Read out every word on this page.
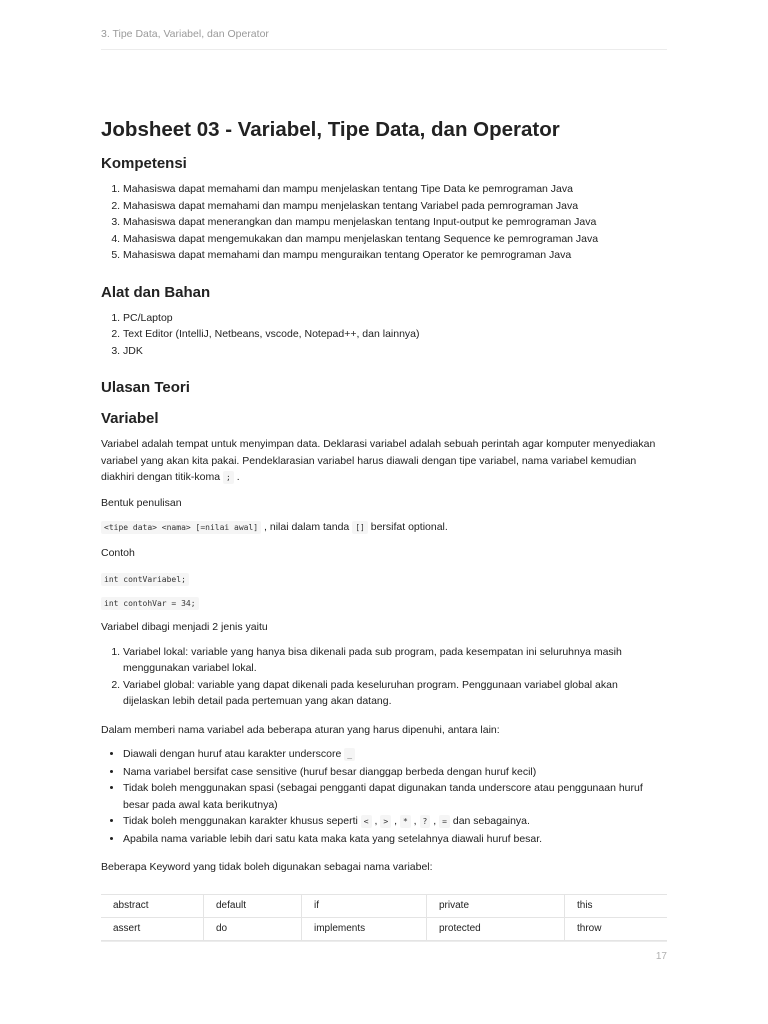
3. Tipe Data, Variabel, dan Operator
Jobsheet 03 - Variabel, Tipe Data, dan Operator
Kompetensi
1. Mahasiswa dapat memahami dan mampu menjelaskan tentang Tipe Data ke pemrograman Java
2. Mahasiswa dapat memahami dan mampu menjelaskan tentang Variabel pada pemrograman Java
3. Mahasiswa dapat menerangkan dan mampu menjelaskan tentang Input-output ke pemrograman Java
4. Mahasiswa dapat mengemukakan dan mampu menjelaskan tentang Sequence ke pemrograman Java
5. Mahasiswa dapat memahami dan mampu menguraikan tentang Operator ke pemrograman Java
Alat dan Bahan
1. PC/Laptop
2. Text Editor (IntelliJ, Netbeans, vscode, Notepad++, dan lainnya)
3. JDK
Ulasan Teori
Variabel

Variabel adalah tempat untuk menyimpan data. Deklarasi variabel adalah sebuah perintah agar komputer menyediakan variabel yang akan kita pakai. Pendeklarasian variabel harus diawali dengan tipe variabel, nama variabel kemudian diakhiri dengan titik-koma ; .

Bentuk penulisan

<tipe data> <nama> [=nilai awal] , nilai dalam tanda [] bersifat optional.

Contoh

int contVariabel;
int contohVar = 34;

Variabel dibagi menjadi 2 jenis yaitu

1. Variabel lokal: variable yang hanya bisa dikenali pada sub program, pada kesempatan ini seluruhnya masih menggunakan variabel lokal.
2. Variabel global: variable yang dapat dikenali pada keseluruhan program. Penggunaan variabel global akan dijelaskan lebih detail pada pertemuan yang akan datang.

Dalam memberi nama variabel ada beberapa aturan yang harus dipenuhi, antara lain:

• Diawali dengan huruf atau karakter underscore _
• Nama variabel bersifat case sensitive (huruf besar dianggap berbeda dengan huruf kecil)
• Tidak boleh menggunakan spasi (sebagai pengganti dapat digunakan tanda underscore atau penggunaan huruf besar pada awal kata berikutnya)
• Tidak boleh menggunakan karakter khusus seperti < , > , * , ? , = dan sebagainya.
• Apabila nama variable lebih dari satu kata maka kata yang setelahnya diawali huruf besar.

Beberapa Keyword yang tidak boleh digunakan sebagai nama variabel:

abstract	default	if	private	this
assert	do	implements	protected	throw
17
